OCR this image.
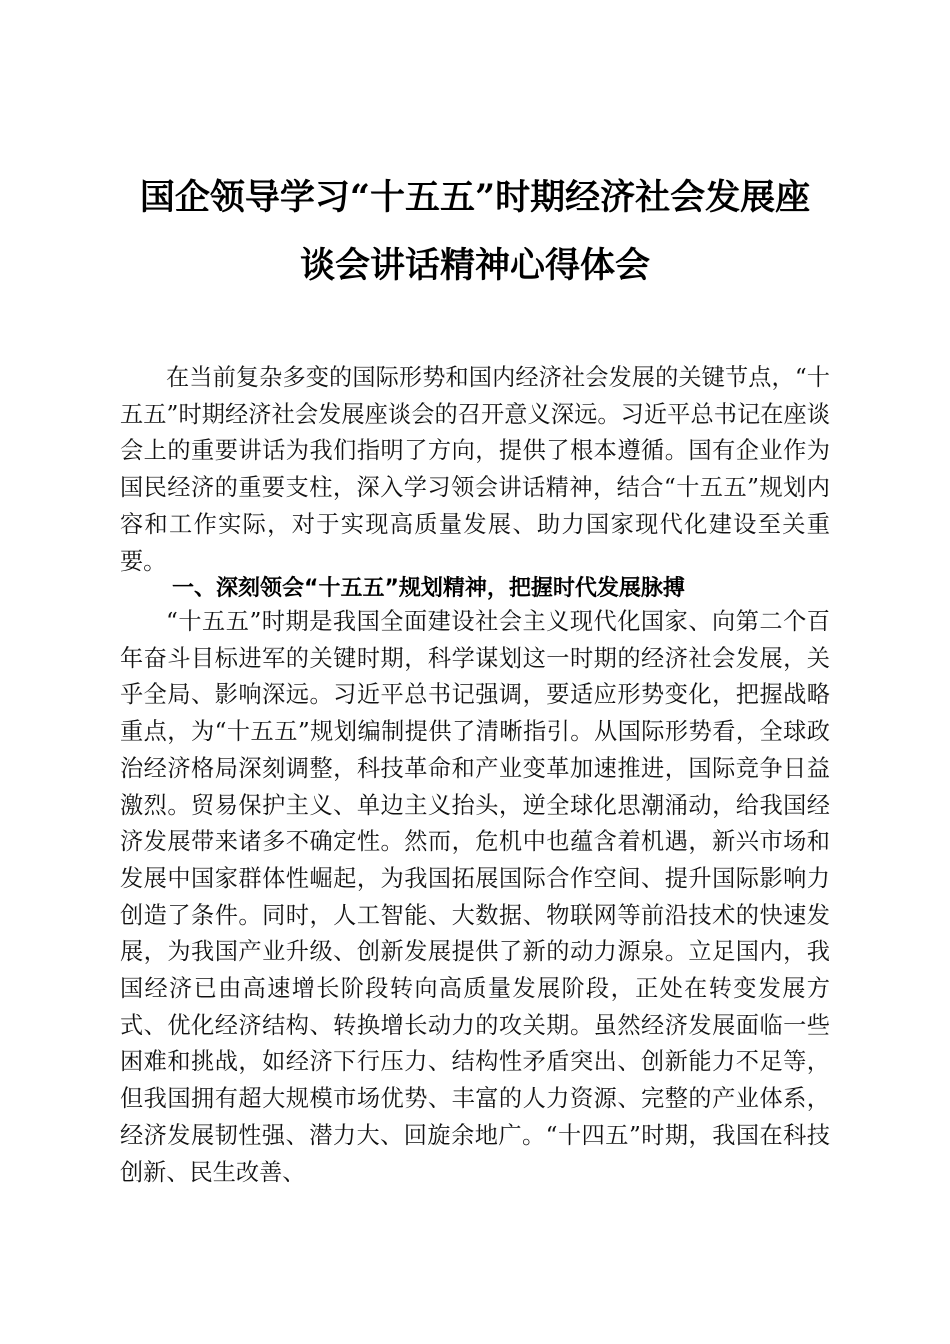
国企领导学习“十五五”时期经济社会发展座
谈会讲话精神心得体会

在当前复杂多变的国际形势和国内经济社会发展的关键节点，“十五五”时期经济社会发展座谈会的召开意义深远。习近平总书记在座谈会上的重要讲话为我们指明了方向，提供了根本遵循。国有企业作为国民经济的重要支柱，深入学习领会讲话精神，结合“十五五”规划内容和工作实际，对于实现高质量发展、助力国家现代化建设至关重要。

一、深刻领会“十五五”规划精神，把握时代发展脉搏

“十五五”时期是我国全面建设社会主义现代化国家、向第二个百年奋斗目标进军的关键时期，科学谋划这一时期的经济社会发展，关乎全局、影响深远。习近平总书记强调，要适应形势变化，把握战略重点，为“十五五”规划编制提供了清晰指引。从国际形势看，全球政治经济格局深刻调整，科技革命和产业变革加速推进，国际竞争日益激烈。贸易保护主义、单边主义抬头，逆全球化思潮涌动，给我国经济发展带来诸多不确定性。然而，危机中也蕴含着机遇，新兴市场和发展中国家群体性崛起，为我国拓展国际合作空间、提升国际影响力创造了条件。同时，人工智能、大数据、物联网等前沿技术的快速发展，为我国产业升级、创新发展提供了新的动力源泉。立足国内，我国经济已由高速增长阶段转向高质量发展阶段，正处在转变发展方式、优化经济结构、转换增长动力的攻关期。虽然经济发展面临一些困难和挑战，如经济下行压力、结构性矛盾突出、创新能力不足等，但我国拥有超大规模市场优势、丰富的人力资源、完整的产业体系，经济发展韧性强、潜力大、回旋余地广。“十四五”时期，我国在科技创新、民生改善、
